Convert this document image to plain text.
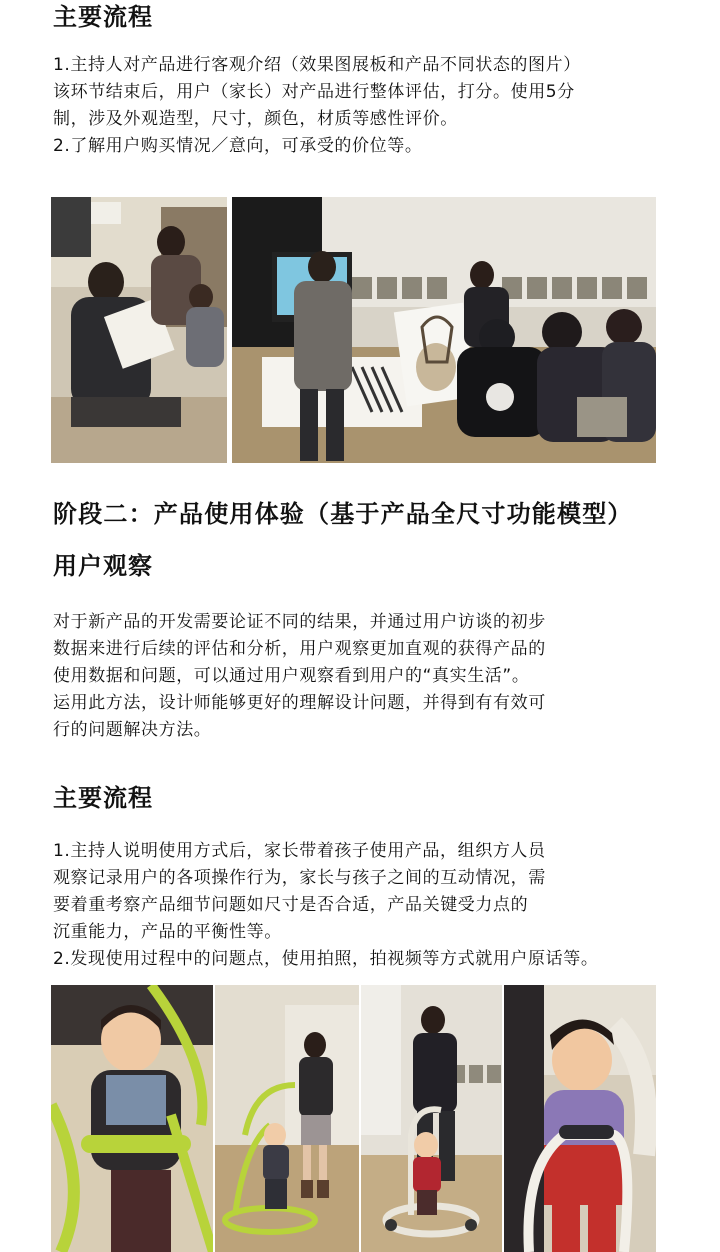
主要流程
1.主持人对产品进行客观介绍（效果图展板和产品不同状态的图片）
该环节结束后，用户（家长）对产品进行整体评估，打分。使用5分
制，涉及外观造型，尺寸，颜色，材质等感性评价。
2.了解用户购买情况／意向，可承受的价位等。
阶段二：产品使用体验（基于产品全尺寸功能模型）
用户观察
对于新产品的开发需要论证不同的结果，并通过用户访谈的初步
数据来进行后续的评估和分析，用户观察更加直观的获得产品的
使用数据和问题，可以通过用户观察看到用户的“真实生活”。
运用此方法，设计师能够更好的理解设计问题，并得到有有效可
行的问题解决方法。
主要流程
1.主持人说明使用方式后，家长带着孩子使用产品，组织方人员
观察记录用户的各项操作行为，家长与孩子之间的互动情况，需
要着重考察产品细节问题如尺寸是否合适，产品关键受力点的
沉重能力，产品的平衡性等。
2.发现使用过程中的问题点，使用拍照，拍视频等方式就用户原话等。
